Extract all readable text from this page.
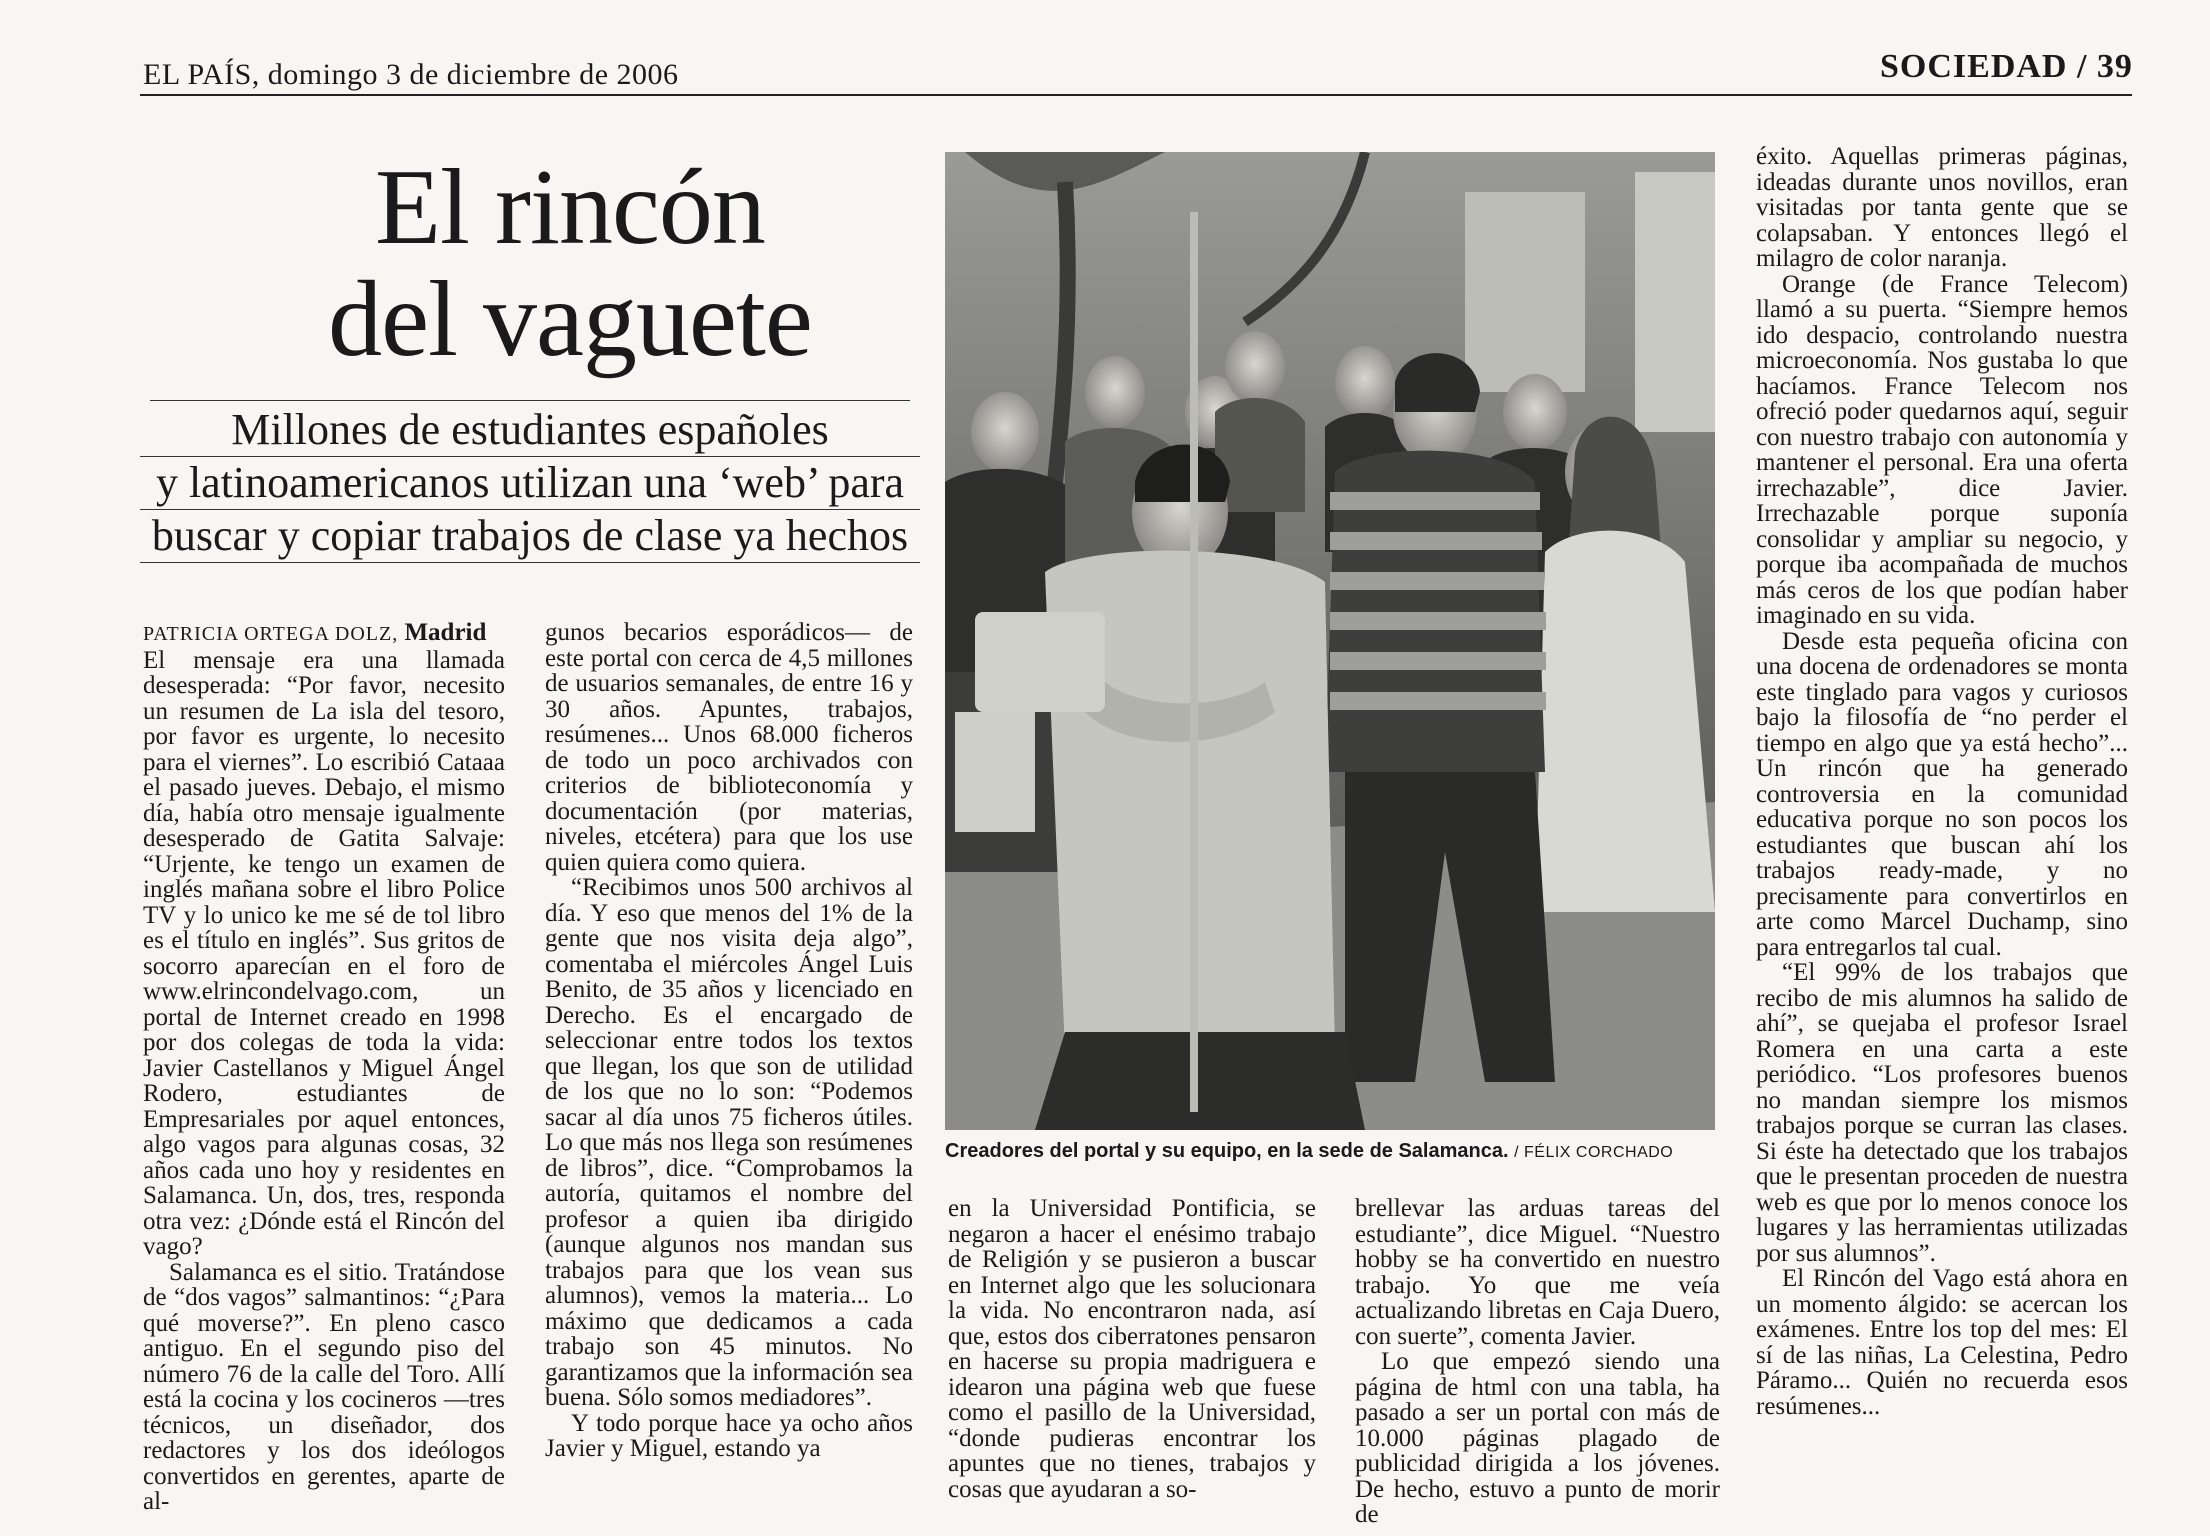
EL PAÍS, domingo 3 de diciembre de 2006	SOCIEDAD / 39
El rincón
del vaguete
Millones de estudiantes españoles
y latinoamericanos utilizan una ‘web’ para
buscar y copiar trabajos de clase ya hechos

PATRICIA ORTEGA DOLZ, Madrid

El mensaje era una llamada desesperada: “Por favor, necesito un resumen de La isla del tesoro, por favor es urgente, lo necesito para el viernes”. Lo escribió Cataaa el pasado jueves. Debajo, el mismo día, había otro mensaje igualmente desesperado de Gatita Salvaje: “Urjente, ke tengo un examen de inglés mañana sobre el libro Police TV y lo unico ke me sé de tol libro es el título en inglés”. Sus gritos de socorro aparecían en el foro de www.elrincondelvago.com, un portal de Internet creado en 1998 por dos colegas de toda la vida: Javier Castellanos y Miguel Ángel Rodero, estudiantes de Empresariales por aquel entonces, algo vagos para algunas cosas, 32 años cada uno hoy y residentes en Salamanca. Un, dos, tres, responda otra vez: ¿Dónde está el Rincón del vago?

Salamanca es el sitio. Tratándose de “dos vagos” salmantinos: “¿Para qué moverse?”. En pleno casco antiguo. En el segundo piso del número 76 de la calle del Toro. Allí está la cocina y los cocineros —tres técnicos, un diseñador, dos redactores y los dos ideólogos convertidos en gerentes, aparte de al-

gunos becarios esporádicos— de este portal con cerca de 4,5 millones de usuarios semanales, de entre 16 y 30 años. Apuntes, trabajos, resúmenes... Unos 68.000 ficheros de todo un poco archivados con criterios de biblioteconomía y documentación (por materias, niveles, etcétera) para que los use quien quiera como quiera.

“Recibimos unos 500 archivos al día. Y eso que menos del 1% de la gente que nos visita deja algo”, comentaba el miércoles Ángel Luis Benito, de 35 años y licenciado en Derecho. Es el encargado de seleccionar entre todos los textos que llegan, los que son de utilidad de los que no lo son: “Podemos sacar al día unos 75 ficheros útiles. Lo que más nos llega son resúmenes de libros”, dice. “Comprobamos la autoría, quitamos el nombre del profesor a quien iba dirigido (aunque algunos nos mandan sus trabajos para que los vean sus alumnos), vemos la materia... Lo máximo que dedicamos a cada trabajo son 45 minutos. No garantizamos que la información sea buena. Sólo somos mediadores”.

Y todo porque hace ya ocho años Javier y Miguel, estando ya

Creadores del portal y su equipo, en la sede de Salamanca. / FÉLIX CORCHADO

en la Universidad Pontificia, se negaron a hacer el enésimo trabajo de Religión y se pusieron a buscar en Internet algo que les solucionara la vida. No encontraron nada, así que, estos dos ciberratones pensaron en hacerse su propia madriguera e idearon una página web que fuese como el pasillo de la Universidad, “donde pudieras encontrar los apuntes que no tienes, trabajos y cosas que ayudaran a so-

brellevar las arduas tareas del estudiante”, dice Miguel. “Nuestro hobby se ha convertido en nuestro trabajo. Yo que me veía actualizando libretas en Caja Duero, con suerte”, comenta Javier.

Lo que empezó siendo una página de html con una tabla, ha pasado a ser un portal con más de 10.000 páginas plagado de publicidad dirigida a los jóvenes. De hecho, estuvo a punto de morir de

éxito. Aquellas primeras páginas, ideadas durante unos novillos, eran visitadas por tanta gente que se colapsaban. Y entonces llegó el milagro de color naranja.

Orange (de France Telecom) llamó a su puerta. “Siempre hemos ido despacio, controlando nuestra microeconomía. Nos gustaba lo que hacíamos. France Telecom nos ofreció poder quedarnos aquí, seguir con nuestro trabajo con autonomía y mantener el personal. Era una oferta irrechazable”, dice Javier. Irrechazable porque suponía consolidar y ampliar su negocio, y porque iba acompañada de muchos más ceros de los que podían haber imaginado en su vida.

Desde esta pequeña oficina con una docena de ordenadores se monta este tinglado para vagos y curiosos bajo la filosofía de “no perder el tiempo en algo que ya está hecho”... Un rincón que ha generado controversia en la comunidad educativa porque no son pocos los estudiantes que buscan ahí los trabajos ready-made, y no precisamente para convertirlos en arte como Marcel Duchamp, sino para entregarlos tal cual.

“El 99% de los trabajos que recibo de mis alumnos ha salido de ahí”, se quejaba el profesor Israel Romera en una carta a este periódico. “Los profesores buenos no mandan siempre los mismos trabajos porque se curran las clases. Si éste ha detectado que los trabajos que le presentan proceden de nuestra web es que por lo menos conoce los lugares y las herramientas utilizadas por sus alumnos”.

El Rincón del Vago está ahora en un momento álgido: se acercan los exámenes. Entre los top del mes: El sí de las niñas, La Celestina, Pedro Páramo... Quién no recuerda esos resúmenes...
